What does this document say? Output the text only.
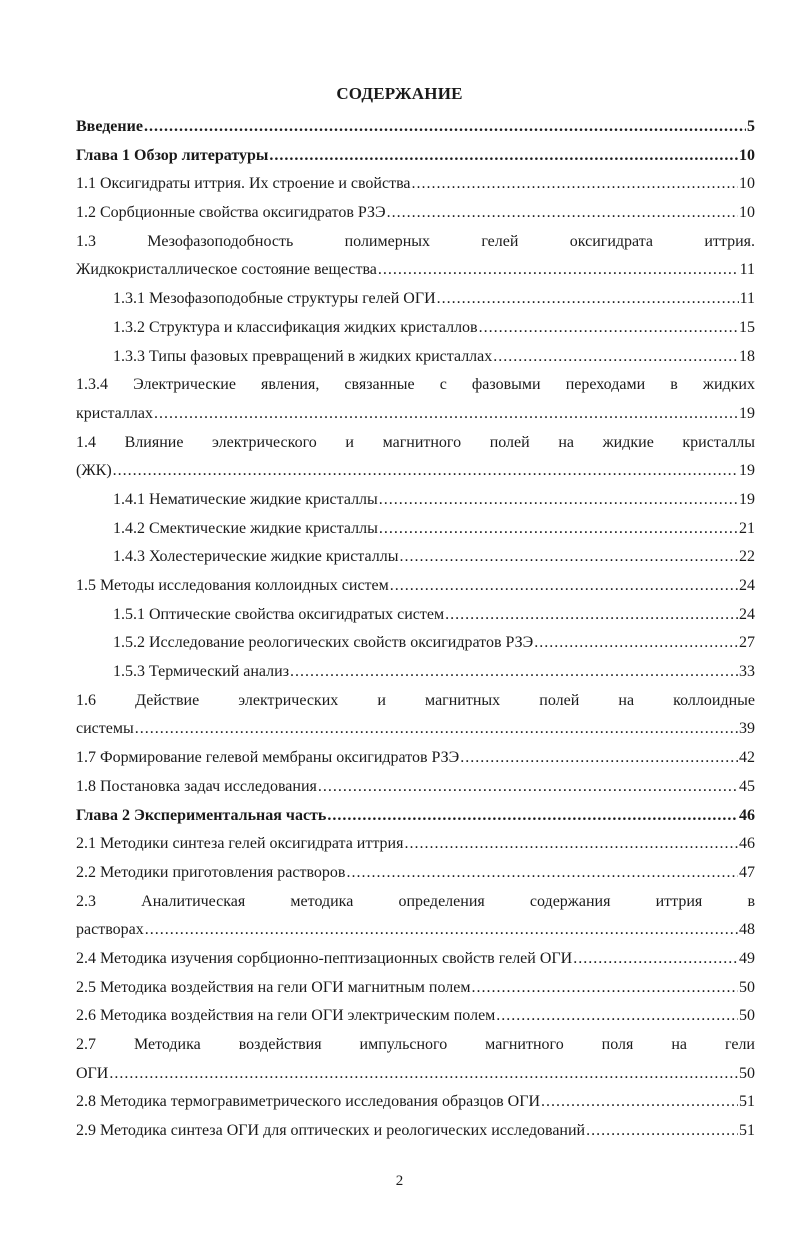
СОДЕРЖАНИЕ
Введение .....	5
Глава 1 Обзор литературы .....	10
1.1 Оксигидраты иттрия. Их строение и свойства .....	10
1.2 Сорбционные свойства оксигидратов РЗЭ .....	10
1.3 Мезофазоподобность полимерных гелей оксигидрата иттрия.
Жидкокристаллическое состояние вещества .....	11
1.3.1 Мезофазоподобные структуры гелей ОГИ .....	11
1.3.2 Структура и классификация жидких кристаллов .....	15
1.3.3 Типы фазовых превращений в жидких кристаллах .....	18
1.3.4 Электрические явления, связанные с фазовыми переходами в жидких
кристаллах .....	19
1.4 Влияние электрического и магнитного полей на жидкие кристаллы
(ЖК) .....	19
1.4.1 Нематические жидкие кристаллы .....	19
1.4.2 Смектические жидкие кристаллы .....	21
1.4.3 Холестерические жидкие кристаллы .....	22
1.5 Методы исследования коллоидных систем .....	24
1.5.1 Оптические свойства оксигидратых систем .....	24
1.5.2 Исследование реологических свойств оксигидратов РЗЭ .....	27
1.5.3 Термический анализ .....	33
1.6 Действие электрических и магнитных полей на коллоидные
системы .....	39
1.7 Формирование гелевой мембраны оксигидратов РЗЭ .....	42
1.8 Постановка задач исследования .....	45
Глава 2 Экспериментальная часть .....	46
2.1 Методики синтеза гелей оксигидрата иттрия .....	46
2.2 Методики приготовления растворов .....	47
2.3 Аналитическая методика определения содержания иттрия в
растворах .....	48
2.4 Методика изучения сорбционно-пептизационных свойств гелей ОГИ .....	49
2.5 Методика воздействия на гели ОГИ магнитным полем .....	50
2.6 Методика воздействия на гели ОГИ электрическим полем .....	50
2.7 Методика воздействия импульсного магнитного поля на гели
ОГИ .....	50
2.8 Методика термогравиметрического исследования образцов ОГИ .....	51
2.9 Методика синтеза ОГИ для оптических и реологических исследований .....	51
2
